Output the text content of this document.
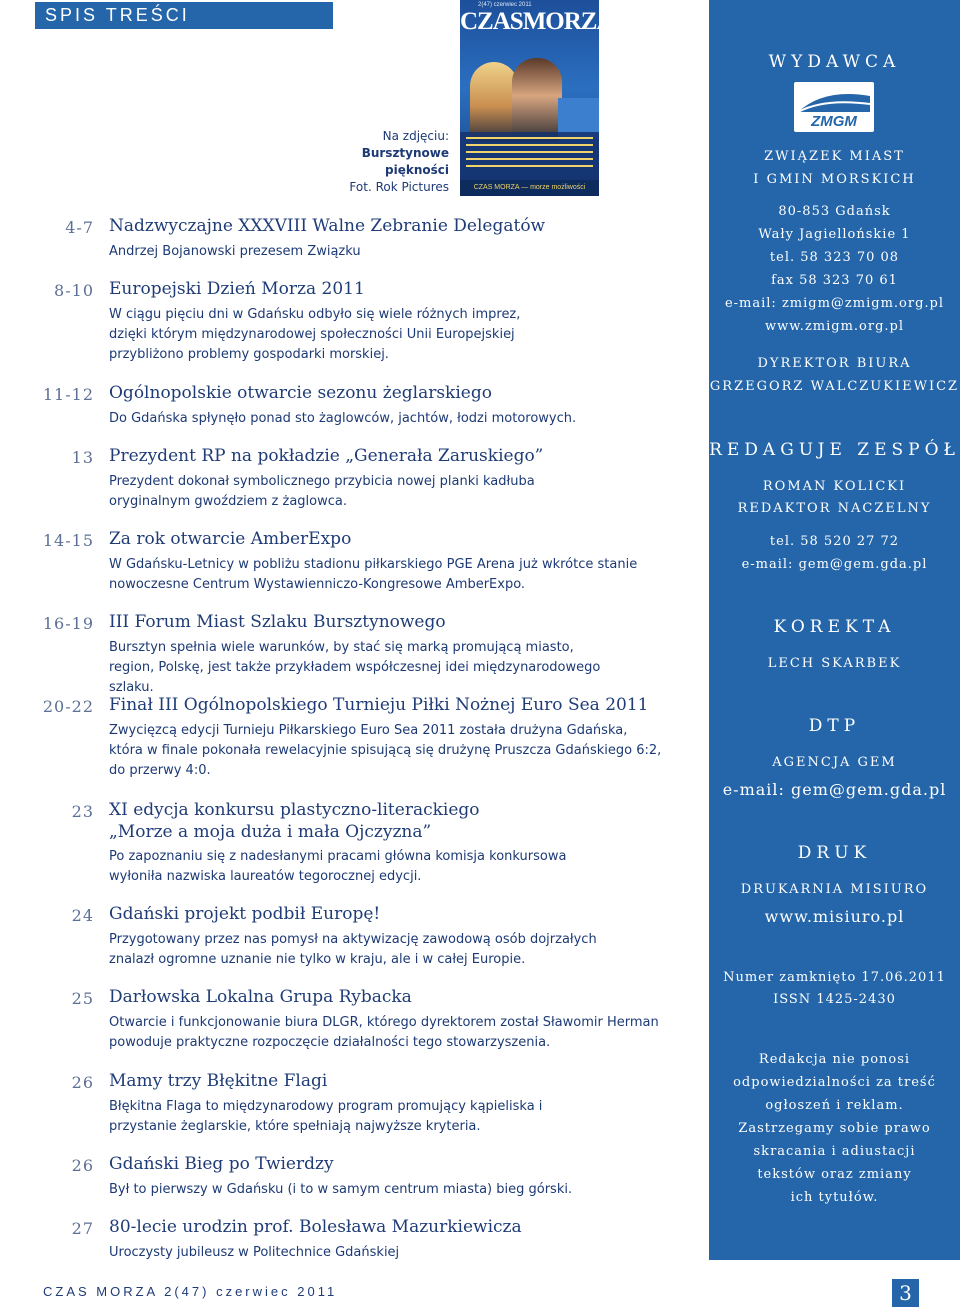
SPIS TREŚCI	2(47) czerwiec 2011
CZASMORZA
CZAS MORZA — morze możliwości
Na zdjęciu:
Bursztynowe
piękności
Fot. Rok Pictures
4-7 Nadzwyczajne XXXVIII Walne Zebranie Delegatów
Andrzej Bojanowski prezesem Związku
8-10 Europejski Dzień Morza 2011
W ciągu pięciu dni w Gdańsku odbyło się wiele różnych imprez, dzięki którym międzynarodowej społeczności Unii Europejskiej przybliżono problemy gospodarki morskiej.
11-12 Ogólnopolskie otwarcie sezonu żeglarskiego
Do Gdańska spłynęło ponad sto żaglowców, jachtów, łodzi motorowych.
13 Prezydent RP na pokładzie „Generała Zaruskiego”
Prezydent dokonał symbolicznego przybicia nowej planki kadłuba oryginalnym gwoździem z żaglowca.
14-15 Za rok otwarcie AmberExpo
W Gdańsku-Letnicy w pobliżu stadionu piłkarskiego PGE Arena już wkrótce stanie nowoczesne Centrum Wystawienniczo-Kongresowe AmberExpo.
16-19 III Forum Miast Szlaku Bursztynowego
Bursztyn spełnia wiele warunków, by stać się marką promującą miasto, region, Polskę, jest także przykładem współczesnej idei międzynarodowego szlaku.
20-22 Finał III Ogólnopolskiego Turnieju Piłki Nożnej Euro Sea 2011
Zwycięzcą edycji Turnieju Piłkarskiego Euro Sea 2011 została drużyna Gdańska, która w finale pokonała rewelacyjnie spisującą się drużynę Pruszcza Gdańskiego 6:2, do przerwy 4:0.
23 XI edycja konkursu plastyczno-literackiego
„Morze a moja duża i mała Ojczyzna”
Po zapoznaniu się z nadesłanymi pracami główna komisja konkursowa wyłoniła nazwiska laureatów tegorocznej edycji.
24 Gdański projekt podbił Europę!
Przygotowany przez nas pomysł na aktywizację zawodową osób dojrzałych znalazł ogromne uznanie nie tylko w kraju, ale i w całej Europie.
25 Darłowska Lokalna Grupa Rybacka
Otwarcie i funkcjonowanie biura DLGR, którego dyrektorem został Sławomir Herman powoduje praktyczne rozpoczęcie działalności tego stowarzyszenia.
26 Mamy trzy Błękitne Flagi
Błękitna Flaga to międzynarodowy program promujący kąpieliska i przystanie żeglarskie, które spełniają najwyższe kryteria.
26 Gdański Bieg po Twierdzy
Był to pierwszy w Gdańsku (i to w samym centrum miasta) bieg górski.
27 80-lecie urodzin prof. Bolesława Mazurkiewicza
Uroczysty jubileusz w Politechnice Gdańskiej
CZAS MORZA 2(47) czerwiec 2011	3
WYDAWCA
ZMGM
ZWIĄZEK MIAST
I GMIN MORSKICH
80-853 Gdańsk
Wały Jagiellońskie 1
tel. 58 323 70 08
fax 58 323 70 61
e-mail: zmigm@zmigm.org.pl
www.zmigm.org.pl
DYREKTOR BIURA
GRZEGORZ WALCZUKIEWICZ
REDAGUJE ZESPÓŁ
ROMAN KOLICKI
REDAKTOR NACZELNY
tel. 58 520 27 72
e-mail: gem@gem.gda.pl
KOREKTA
LECH SKARBEK
DTP
AGENCJA GEM
e-mail: gem@gem.gda.pl
DRUK
DRUKARNIA MISIURO
www.misiuro.pl
Numer zamknięto 17.06.2011
ISSN 1425-2430
Redakcja nie ponosi
odpowiedzialności za treść
ogłoszeń i reklam.
Zastrzegamy sobie prawo
skracania i adiustacji
tekstów oraz zmiany
ich tytułów.
